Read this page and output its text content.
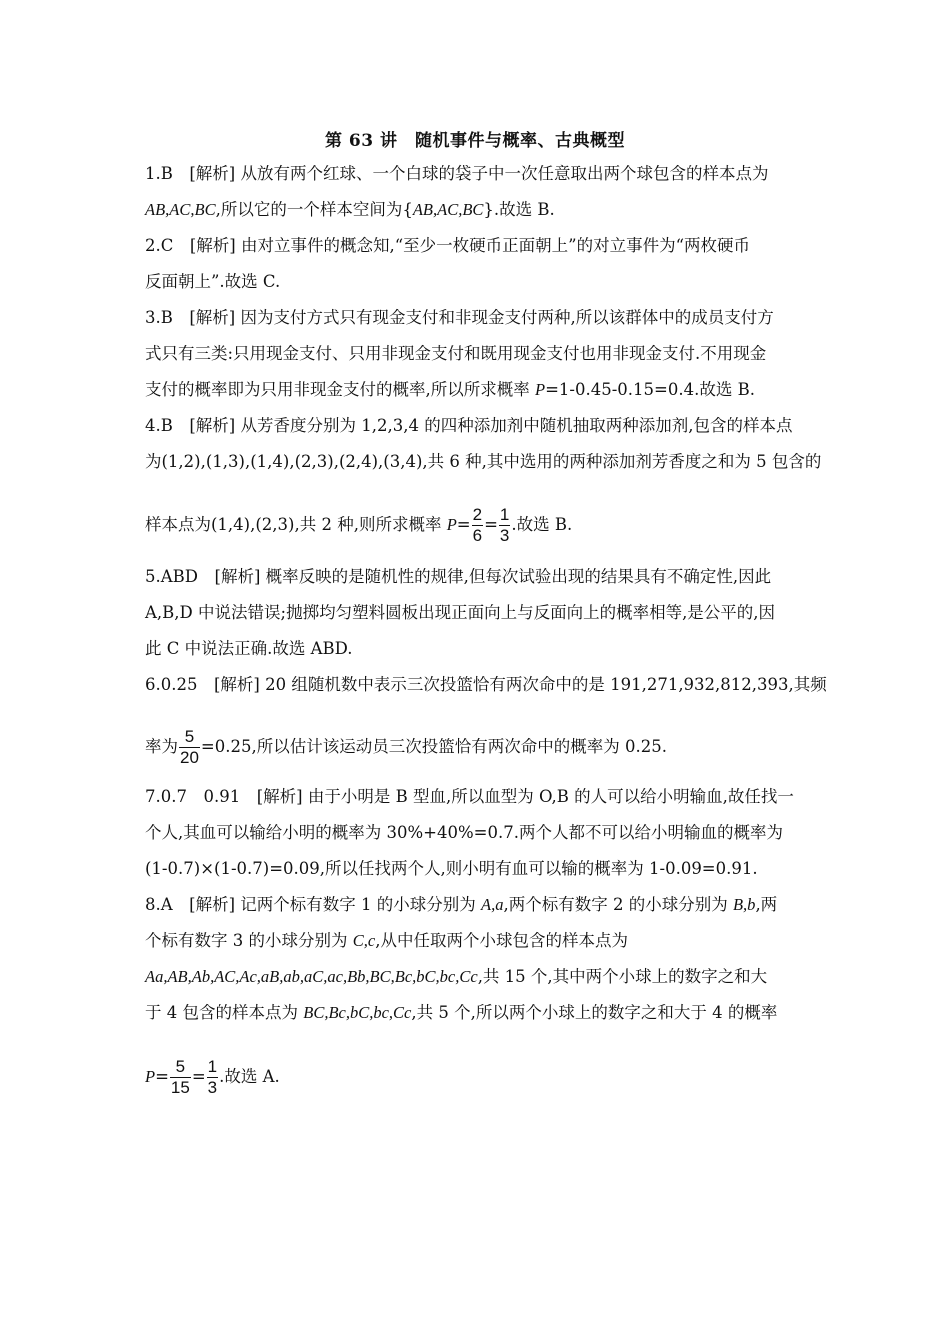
第 63 讲　随机事件与概率、古典概型
1.B　[解析] 从放有两个红球、一个白球的袋子中一次任意取出两个球包含的样本点为
AB,AC,BC,所以它的一个样本空间为{AB,AC,BC}.故选 B.
2.C　[解析] 由对立事件的概念知,“至少一枚硬币正面朝上”的对立事件为“两枚硬币
反面朝上”.故选 C.
3.B　[解析] 因为支付方式只有现金支付和非现金支付两种,所以该群体中的成员支付方
式只有三类:只用现金支付、只用非现金支付和既用现金支付也用非现金支付.不用现金
支付的概率即为只用非现金支付的概率,所以所求概率 P=1-0.45-0.15=0.4.故选 B.
4.B　[解析] 从芳香度分别为 1,2,3,4 的四种添加剂中随机抽取两种添加剂,包含的样本点
为(1,2),(1,3),(1,4),(2,3),(2,4),(3,4),共 6 种,其中选用的两种添加剂芳香度之和为 5 包含的
样本点为(1,4),(2,3),共 2 种,则所求概率 $P= \frac{2}{6} = \frac{1}{3}$ .故选 B.
5.ABD　[解析] 概率反映的是随机性的规律,但每次试验出现的结果具有不确定性,因此
A,B,D 中说法错误;抛掷均匀塑料圆板出现正面向上与反面向上的概率相等,是公平的,因
此 C 中说法正确.故选 ABD.
6.0.25　[解析] 20 组随机数中表示三次投篮恰有两次命中的是 191,271,932,812,393,其频
率为 $\frac{5}{20} =0.25$,所以估计该运动员三次投篮恰有两次命中的概率为 0.25.
7.0.7　0.91　[解析] 由于小明是 B 型血,所以血型为 O,B 的人可以给小明输血,故任找一
个人,其血可以输给小明的概率为 30%+40%=0.7.两个人都不可以给小明输血的概率为
(1-0.7)×(1-0.7)=0.09,所以任找两个人,则小明有血可以输的概率为 1-0.09=0.91.
8.A　[解析] 记两个标有数字 1 的小球分别为 A,a,两个标有数字 2 的小球分别为 B,b,两
个标有数字 3 的小球分别为 C,c,从中任取两个小球包含的样本点为
Aa,AB,Ab,AC,Ac,aB,ab,aC,ac,Bb,BC,Bc,bC,bc,Cc,共 15 个,其中两个小球上的数字之和大
于 4 包含的样本点为 BC,Bc,bC,bc,Cc,共 5 个,所以两个小球上的数字之和大于 4 的概率
$P= \frac{5}{15} = \frac{1}{3}$ .故选 A.
